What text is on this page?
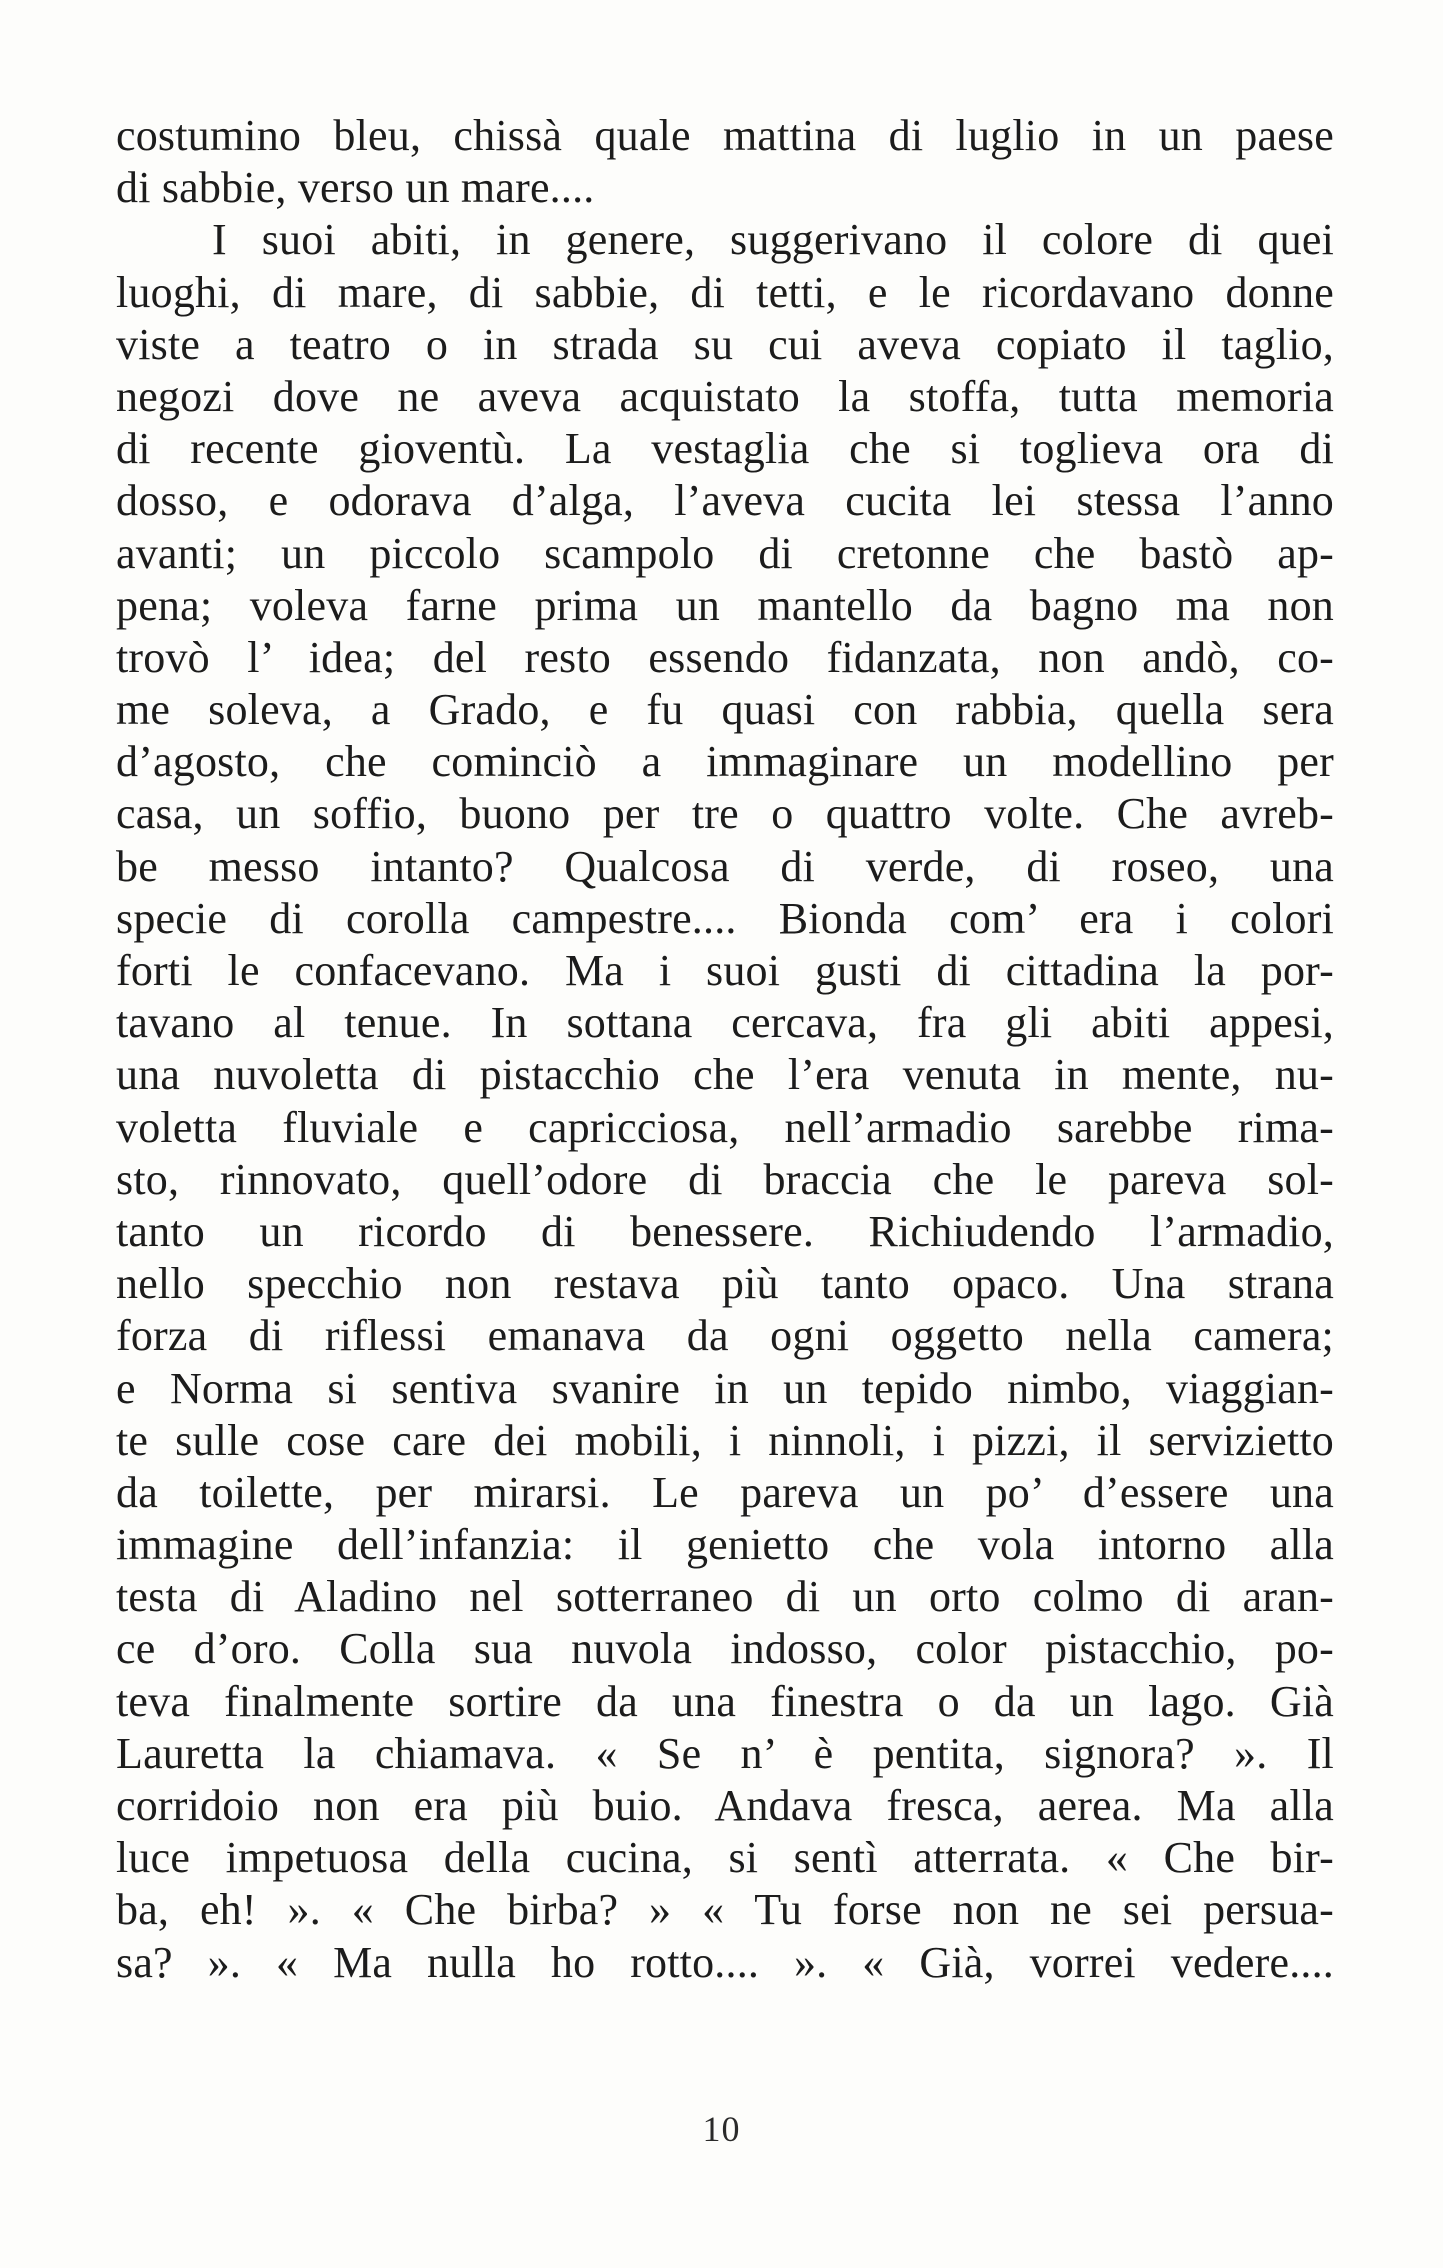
costumino bleu, chissà quale mattina di luglio in un paese
di sabbie, verso un mare....
I suoi abiti, in genere, suggerivano il colore di quei
luoghi, di mare, di sabbie, di tetti, e le ricordavano donne
viste a teatro o in strada su cui aveva copiato il taglio,
negozi dove ne aveva acquistato la stoffa, tutta memoria
di recente gioventù. La vestaglia che si toglieva ora di
dosso, e odorava d’alga, l’aveva cucita lei stessa l’anno
avanti; un piccolo scampolo di cretonne che bastò ap-
pena; voleva farne prima un mantello da bagno ma non
trovò l’ idea; del resto essendo fidanzata, non andò, co-
me soleva, a Grado, e fu quasi con rabbia, quella sera
d’agosto, che cominciò a immaginare un modellino per
casa, un soffio, buono per tre o quattro volte. Che avreb-
be messo intanto? Qualcosa di verde, di roseo, una
specie di corolla campestre.... Bionda com’ era i colori
forti le confacevano. Ma i suoi gusti di cittadina la por-
tavano al tenue. In sottana cercava, fra gli abiti appesi,
una nuvoletta di pistacchio che l’era venuta in mente, nu-
voletta fluviale e capricciosa, nell’armadio sarebbe rima-
sto, rinnovato, quell’odore di braccia che le pareva sol-
tanto un ricordo di benessere. Richiudendo l’armadio,
nello specchio non restava più tanto opaco. Una strana
forza di riflessi emanava da ogni oggetto nella camera;
e Norma si sentiva svanire in un tepido nimbo, viaggian-
te sulle cose care dei mobili, i ninnoli, i pizzi, il servizietto
da toilette, per mirarsi. Le pareva un po’ d’essere una
immagine dell’infanzia: il genietto che vola intorno alla
testa di Aladino nel sotterraneo di un orto colmo di aran-
ce d’oro. Colla sua nuvola indosso, color pistacchio, po-
teva finalmente sortire da una finestra o da un lago. Già
Lauretta la chiamava. « Se n’ è pentita, signora? ». Il
corridoio non era più buio. Andava fresca, aerea. Ma alla
luce impetuosa della cucina, si sentì atterrata. « Che bir-
ba, eh! ». « Che birba? » « Tu forse non ne sei persua-
sa? ». « Ma nulla ho rotto.... ». « Già, vorrei vedere....
10
